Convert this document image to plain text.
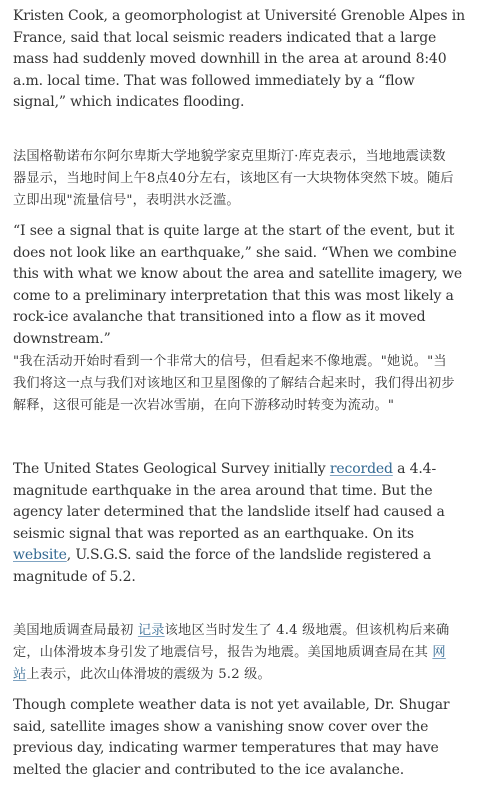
Kristen Cook, a geomorphologist at Université Grenoble Alpes in France, said that local seismic readers indicated that a large mass had suddenly moved downhill in the area at around 8:40 a.m. local time. That was followed immediately by a “flow signal,” which indicates flooding.

法国格勒诺布尔阿尔卑斯大学地貌学家克里斯汀·库克表示，当地地震读数器显示，当地时间上午8点40分左右，该地区有一大块物体突然下坡。随后立即出现"流量信号"，表明洪水泛滥。

“I see a signal that is quite large at the start of the event, but it does not look like an earthquake,” she said. “When we combine this with what we know about the area and satellite imagery, we come to a preliminary interpretation that this was most likely a rock-ice avalanche that transitioned into a flow as it moved downstream.”

"我在活动开始时看到一个非常大的信号，但看起来不像地震。"她说。"当我们将这一点与我们对该地区和卫星图像的了解结合起来时，我们得出初步解释，这很可能是一次岩冰雪崩，在向下游移动时转变为流动。"

The United States Geological Survey initially recorded a 4.4-magnitude earthquake in the area around that time. But the agency later determined that the landslide itself had caused a seismic signal that was reported as an earthquake. On its website, U.S.G.S. said the force of the landslide registered a magnitude of 5.2.

美国地质调查局最初 记录该地区当时发生了 4.4 级地震。但该机构后来确定，山体滑坡本身引发了地震信号，报告为地震。美国地质调查局在其 网站上表示，此次山体滑坡的震级为 5.2 级。

Though complete weather data is not yet available, Dr. Shugar said, satellite images show a vanishing snow cover over the previous day, indicating warmer temperatures that may have melted the glacier and contributed to the ice avalanche.
